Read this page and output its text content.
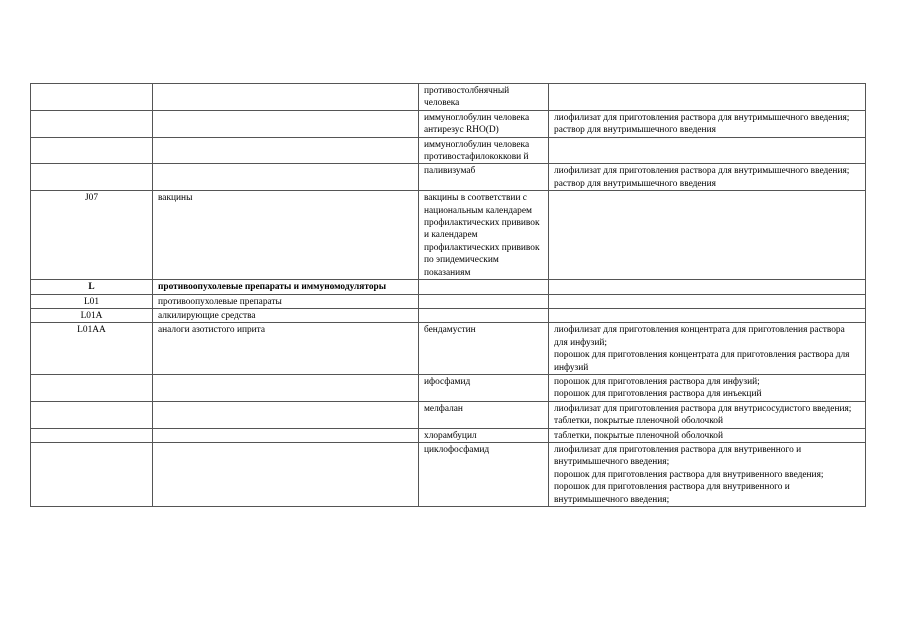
		противостолбнячный человека	
		иммуноглобулин человека антирезус RHO(D)	лиофилизат для приготовления раствора для внутримышечного введения;
раствор для внутримышечного введения

		иммуноглобулин человека противостафилококкови й	
		паливизумаб	лиофилизат для приготовления раствора для внутримышечного введения;
раствор для внутримышечного введения

J07	вакцины	вакцины в соответствии с национальным календарем профилактических прививок и календарем профилактических прививок по эпидемическим показаниям	
L	противоопухолевые препараты и иммуномодуляторы		
L01	противоопухолевые препараты		
L01A	алкилирующие средства		
L01AA	аналоги азотистого иприта	бендамустин	лиофилизат для приготовления концентрата для приготовления раствора для инфузий;
порошок для приготовления концентрата для приготовления раствора для инфузий

		ифосфамид	порошок для приготовления раствора для инфузий;
порошок для приготовления раствора для инъекций

		мелфалан	лиофилизат для приготовления раствора для внутрисосудистого введения;
таблетки, покрытые пленочной оболочкой

		хлорамбуцил	таблетки, покрытые пленочной оболочкой

		циклофосфамид	лиофилизат для приготовления раствора для внутривенного и внутримышечного введения;
порошок для приготовления раствора для внутривенного введения;
порошок для приготовления раствора для внутривенного и внутримышечного введения;
